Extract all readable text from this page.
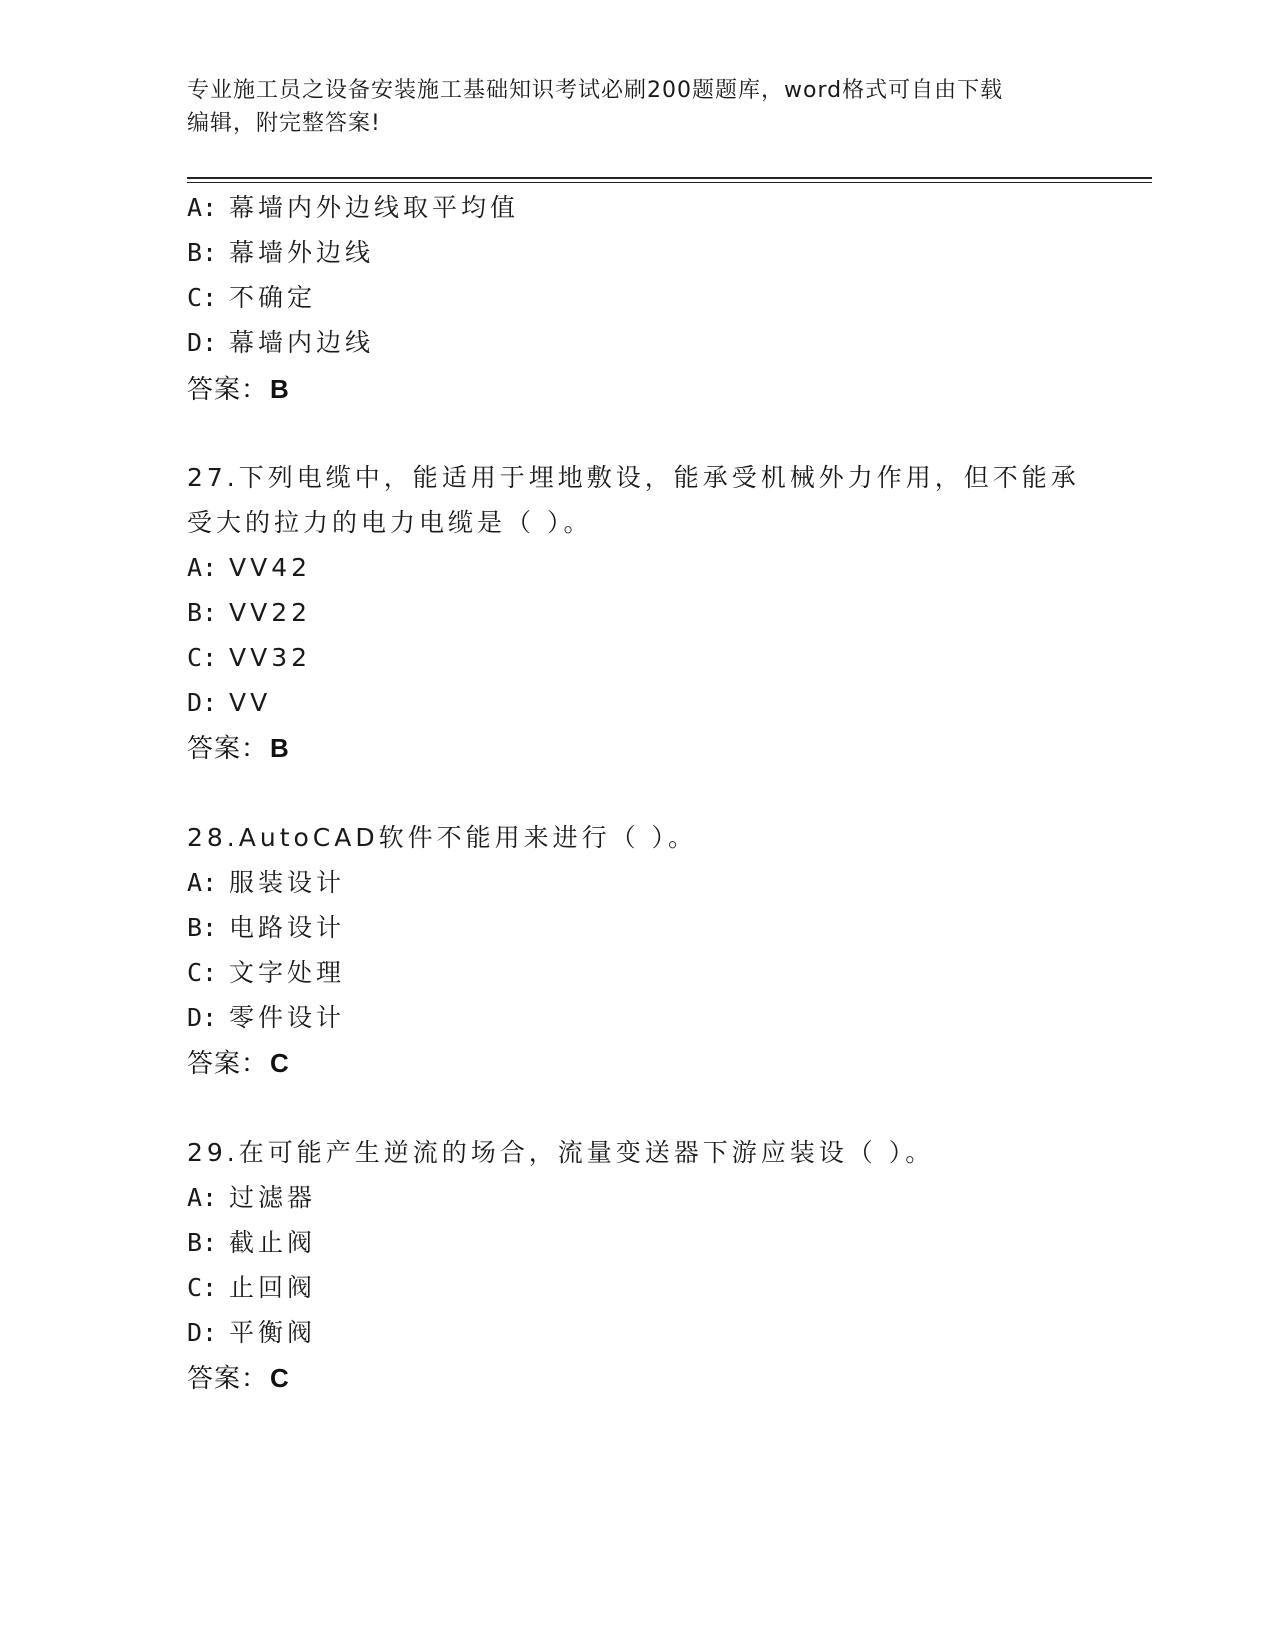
专业施工员之设备安装施工基础知识考试必刷200题题库，word格式可自由下载
编辑，附完整答案!
A: 幕墙内外边线取平均值
B: 幕墙外边线
C: 不确定
D: 幕墙内边线
答案：B
27.下列电缆中，能适用于埋地敷设，能承受机械外力作用，但不能承
受大的拉力的电力电缆是（ ）。
A: VV42
B: VV22
C: VV32
D: VV
答案：B
28.AutoCAD软件不能用来进行（ ）。
A: 服装设计
B: 电路设计
C: 文字处理
D: 零件设计
答案：C
29.在可能产生逆流的场合，流量变送器下游应装设（ ）。
A: 过滤器
B: 截止阀
C: 止回阀
D: 平衡阀
答案：C
